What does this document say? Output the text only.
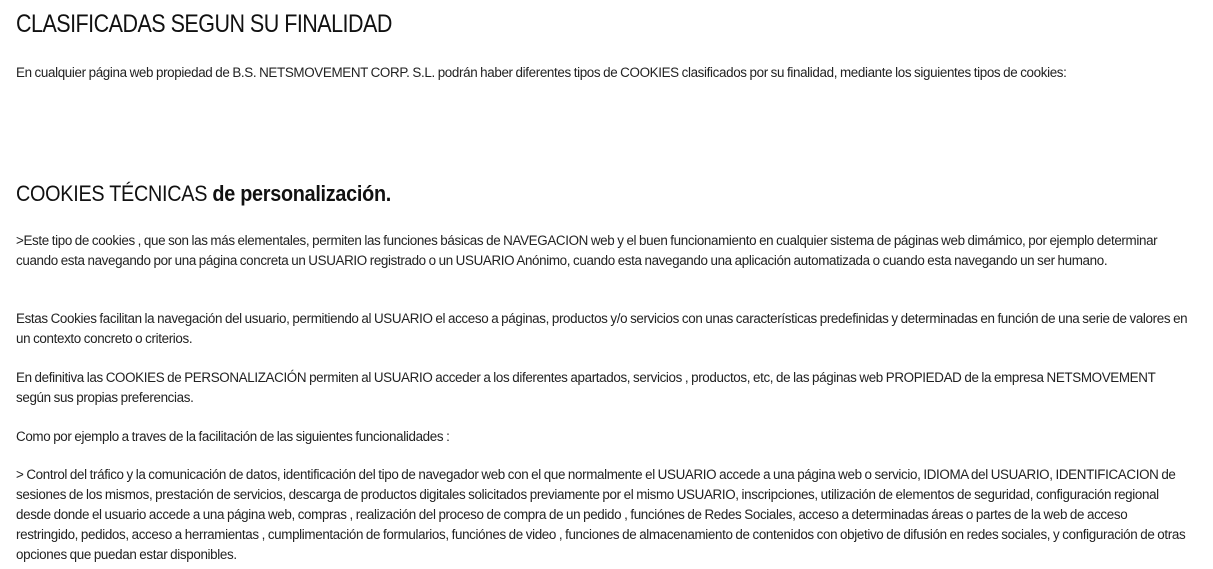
CLASIFICADAS SEGUN SU FINALIDAD

En cualquier página web propiedad de B.S. NETSMOVEMENT CORP. S.L. podrán haber diferentes tipos de COOKIES clasificados por su finalidad, mediante los siguientes tipos de cookies:

COOKIES TÉCNICAS de personalización.

>Este tipo de cookies , que son las más elementales, permiten las funciones básicas de NAVEGACION web y el buen funcionamiento en cualquier sistema de páginas web dimámico, por ejemplo determinar cuando esta navegando por una página concreta un USUARIO registrado o un USUARIO Anónimo, cuando esta navegando una aplicación automatizada o cuando esta navegando un ser humano.

Estas Cookies facilitan la navegación del usuario, permitiendo al USUARIO el acceso a páginas, productos y/o servicios con unas características predefinidas y determinadas en función de una serie de valores en un contexto concreto o criterios.

En definitiva las COOKIES de PERSONALIZACIÓN permiten al USUARIO acceder a los diferentes apartados, servicios , productos, etc, de las páginas web PROPIEDAD de la empresa NETSMOVEMENT según sus propias preferencias.

Como por ejemplo a traves de la facilitación de las siguientes funcionalidades :

> Control del tráfico y la comunicación de datos, identificación del tipo de navegador web con el que normalmente el USUARIO accede a una página web o servicio, IDIOMA del USUARIO, IDENTIFICACION de sesiones de los mismos, prestación de servicios, descarga de productos digitales solicitados previamente por el mismo USUARIO, inscripciones, utilización de elementos de seguridad, configuración regional desde donde el usuario accede a una página web, compras , realización del proceso de compra de un pedido , funciónes de Redes Sociales, acceso a determinadas áreas o partes de la web de acceso restringido, pedidos, acceso a herramientas , cumplimentación de formularios, funciónes de video , funciones de almacenamiento de contenidos con objetivo de difusión en redes sociales, y configuración de otras opciones que puedan estar disponibles.
